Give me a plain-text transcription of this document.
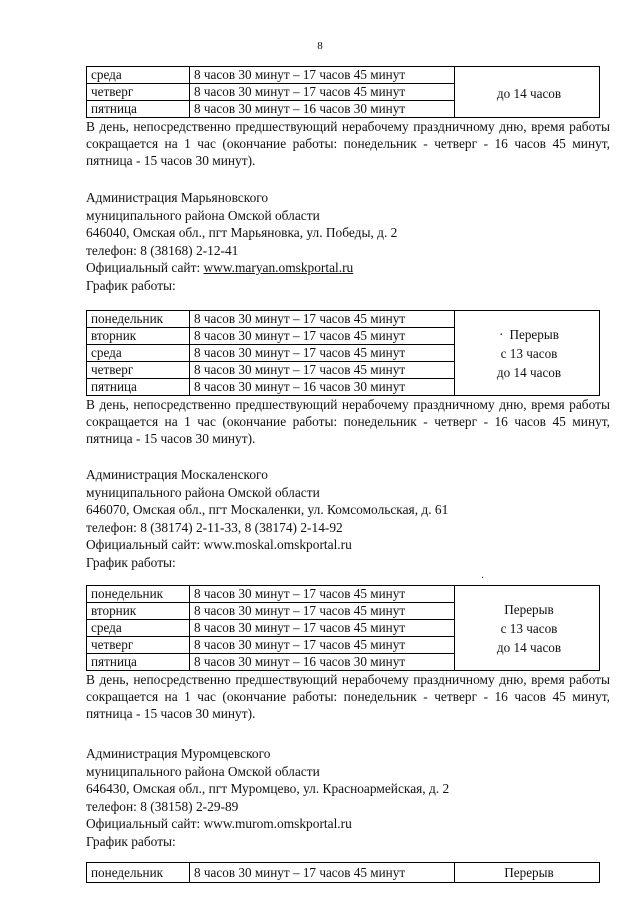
8
среда	8 часов 30 минут – 17 часов 45 минут	до 14 часов
четверг	8 часов 30 минут – 17 часов 45 минут	
пятница	8 часов 30 минут – 16 часов 30 минут	

В день, непосредственно предшествующий нерабочему праздничному дню, время работы сокращается на 1 час (окончание работы: понедельник - четверг - 16 часов 45 минут, пятница - 15 часов 30 минут).

Администрация Марьяновского
муниципального района Омской области
646040, Омская обл., пгт Марьяновка, ул. Победы, д. 2
телефон: 8 (38168) 2-12-41
Официальный сайт: www.maryan.omskportal.ru
График работы:
понедельник	8 часов 30 минут – 17 часов 45 минут	· Перерыв
с 13 часов
до 14 часов

вторник	8 часов 30 минут – 17 часов 45 минут	
среда	8 часов 30 минут – 17 часов 45 минут	
четверг	8 часов 30 минут – 17 часов 45 минут	
пятница	8 часов 30 минут – 16 часов 30 минут	

В день, непосредственно предшествующий нерабочему праздничному дню, время работы сокращается на 1 час (окончание работы: понедельник - четверг - 16 часов 45 минут, пятница - 15 часов 30 минут).

Администрация Москаленского
муниципального района Омской области
646070, Омская обл., пгт Москаленки, ул. Комсомольская, д. 61
телефон: 8 (38174) 2-11-33, 8 (38174) 2-14-92
Официальный сайт: www.moskal.omskportal.ru
График работы:
понедельник	8 часов 30 минут – 17 часов 45 минут	Перерыв
с 13 часов
до 14 часов

вторник	8 часов 30 минут – 17 часов 45 минут	
среда	8 часов 30 минут – 17 часов 45 минут	
четверг	8 часов 30 минут – 17 часов 45 минут	
пятница	8 часов 30 минут – 16 часов 30 минут	

В день, непосредственно предшествующий нерабочему праздничному дню, время работы сокращается на 1 час (окончание работы: понедельник - четверг - 16 часов 45 минут, пятница - 15 часов 30 минут).

·
Администрация Муромцевского
муниципального района Омской области
646430, Омская обл., пгт Муромцево, ул. Красноармейская, д. 2
телефон: 8 (38158) 2-29-89
Официальный сайт: www.murom.omskportal.ru
График работы:
понедельник	8 часов 30 минут – 17 часов 45 минут	Перерыв
